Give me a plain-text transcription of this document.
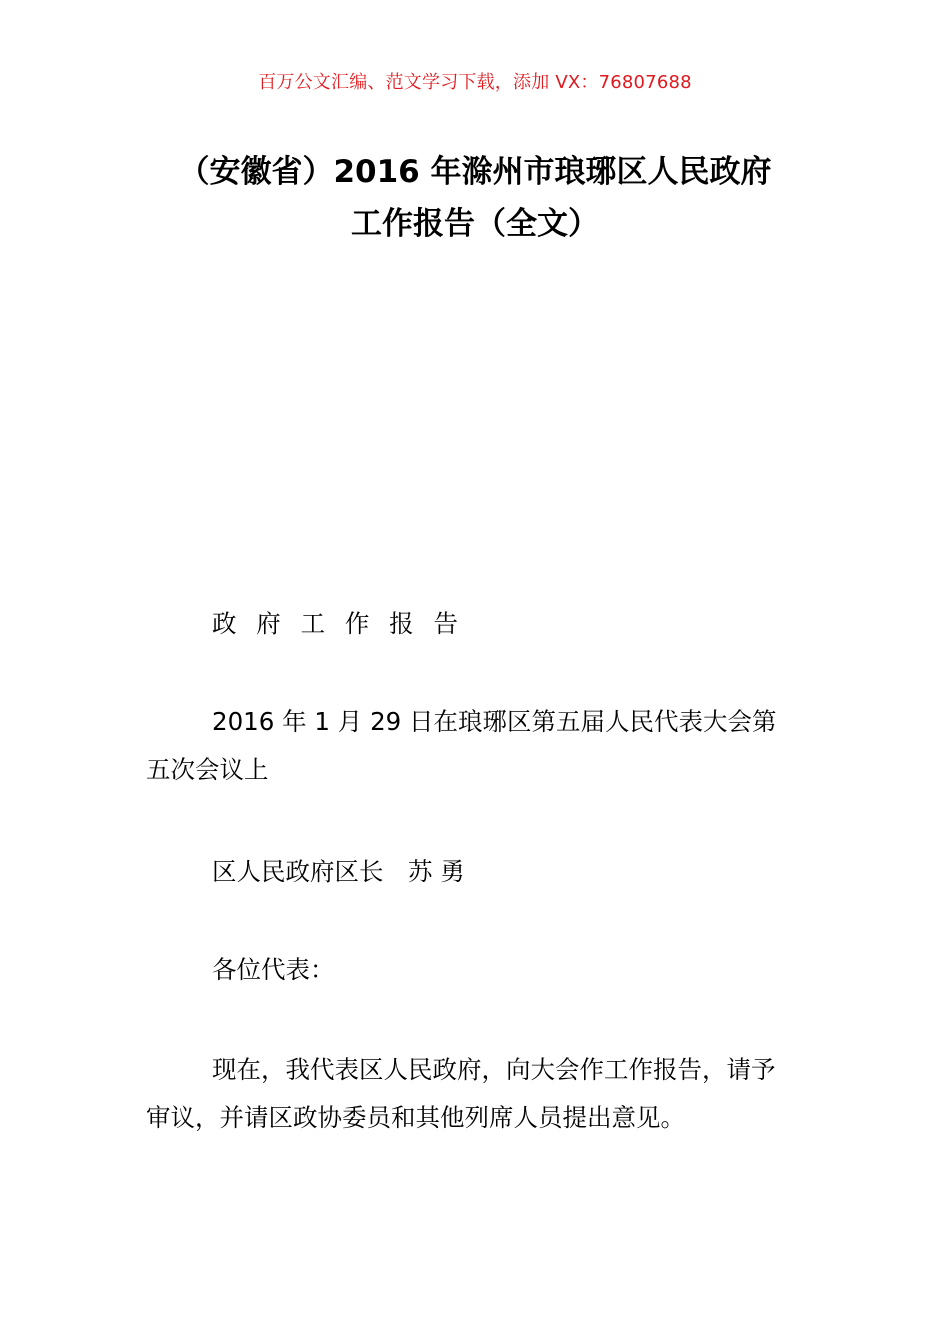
百万公文汇编、范文学习下载，添加 VX：76807688
（安徽省）2016 年滁州市琅琊区人民政府
工作报告（全文）
政 府 工 作 报 告
2016 年 1 月 29 日在琅琊区第五届人民代表大会第
五次会议上
区人民政府区长　苏 勇
各位代表：
现在，我代表区人民政府，向大会作工作报告，请予
审议，并请区政协委员和其他列席人员提出意见。
